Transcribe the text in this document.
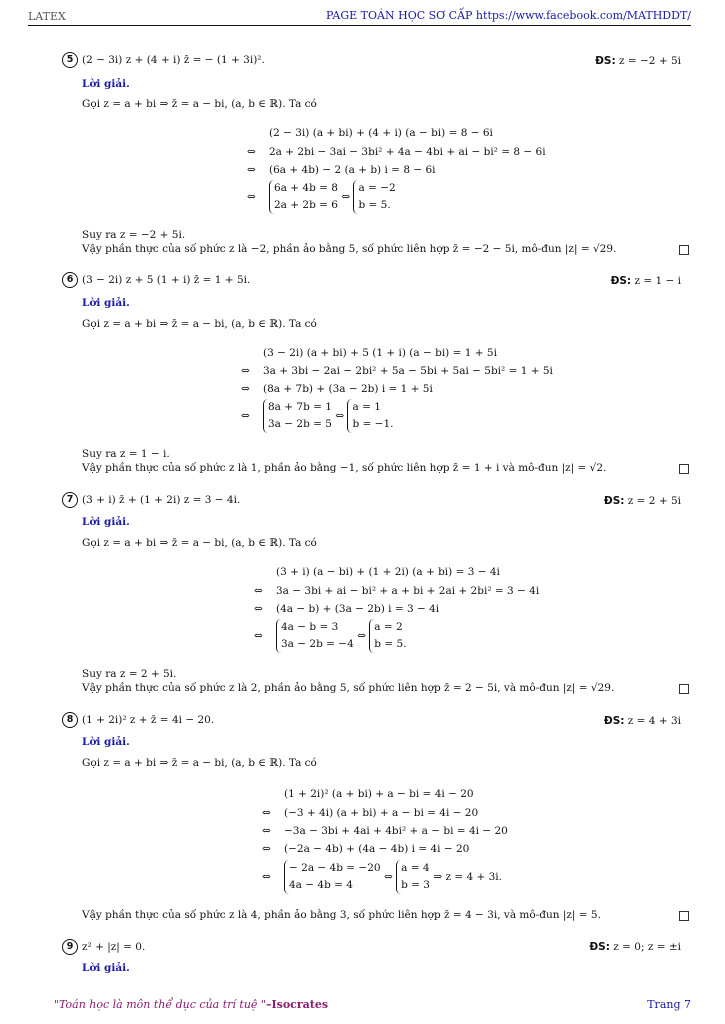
LATEX	PAGE TOÁN HỌC SƠ CẤP https://www.facebook.com/MATHDDT/
5 (2 − 3i) z + (4 + i) z̄ = − (1 + 3i)².	ĐS: z = −2 + 5i
Lời giải.
Gọi z = a + bi ⇒ z̄ = a − bi, (a, b ∈ ℝ). Ta có
(2 − 3i) (a + bi) + (4 + i) (a − bi) = 8 − 6i
⇔ 2a + 2bi − 3ai − 3bi² + 4a − 4bi + ai − bi² = 8 − 6i
⇔ (6a + 4b) − 2 (a + b) i = 8 − 6i
⇔6a + 4b = 8
2a + 2b = 6 ⇔ a = −2
b = 5.
Suy ra z = −2 + 5i.
Vậy phần thực của số phức z là −2, phần ảo bằng 5, số phức liên hợp z̄ = −2 − 5i, mô-đun |z| = √29.
6 (3 − 2i) z + 5 (1 + i) z̄ = 1 + 5i.	ĐS: z = 1 − i
Lời giải.
Gọi z = a + bi ⇒ z̄ = a − bi, (a, b ∈ ℝ). Ta có
(3 − 2i) (a + bi) + 5 (1 + i) (a − bi) = 1 + 5i
⇔ 3a + 3bi − 2ai − 2bi² + 5a − 5bi + 5ai − 5bi² = 1 + 5i
⇔ (8a + 7b) + (3a − 2b) i = 1 + 5i
⇔8a + 7b = 1
3a − 2b = 5 ⇔ a = 1
b = −1.
Suy ra z = 1 − i.
Vậy phần thực của số phức z là 1, phần ảo bằng −1, số phức liên hợp z̄ = 1 + i và mô-đun |z| = √2.
7 (3 + i) z̄ + (1 + 2i) z = 3 − 4i.	ĐS: z = 2 + 5i
Lời giải.
Gọi z = a + bi ⇒ z̄ = a − bi, (a, b ∈ ℝ). Ta có
(3 + i) (a − bi) + (1 + 2i) (a + bi) = 3 − 4i
⇔ 3a − 3bi + ai − bi² + a + bi + 2ai + 2bi² = 3 − 4i
⇔ (4a − b) + (3a − 2b) i = 3 − 4i
⇔4a − b = 3
3a − 2b = −4 ⇔ a = 2
b = 5.
Suy ra z = 2 + 5i.
Vậy phần thực của số phức z là 2, phần ảo bằng 5, số phức liên hợp z̄ = 2 − 5i, và mô-đun |z| = √29.
8 (1 + 2i)² z + z̄ = 4i − 20.	ĐS: z = 4 + 3i
Lời giải.
Gọi z = a + bi ⇒ z̄ = a − bi, (a, b ∈ ℝ). Ta có
(1 + 2i)² (a + bi) + a − bi = 4i − 20
⇔ (−3 + 4i) (a + bi) + a − bi = 4i − 20
⇔ −3a − 3bi + 4ai + 4bi² + a − bi = 4i − 20
⇔ (−2a − 4b) + (4a − 4b) i = 4i − 20
⇔− 2a − 4b = −20
4a − 4b = 4 ⇔ a = 4
b = 3 ⇒ z = 4 + 3i.
Vậy phần thực của số phức z là 4, phần ảo bằng 3, số phức liên hợp z̄ = 4 − 3i, và mô-đun |z| = 5.
9 z² + |z| = 0.	ĐS: z = 0; z = ±i
Lời giải.
"Toán học là môn thể dục của trí tuệ "–Isocrates	Trang 7
